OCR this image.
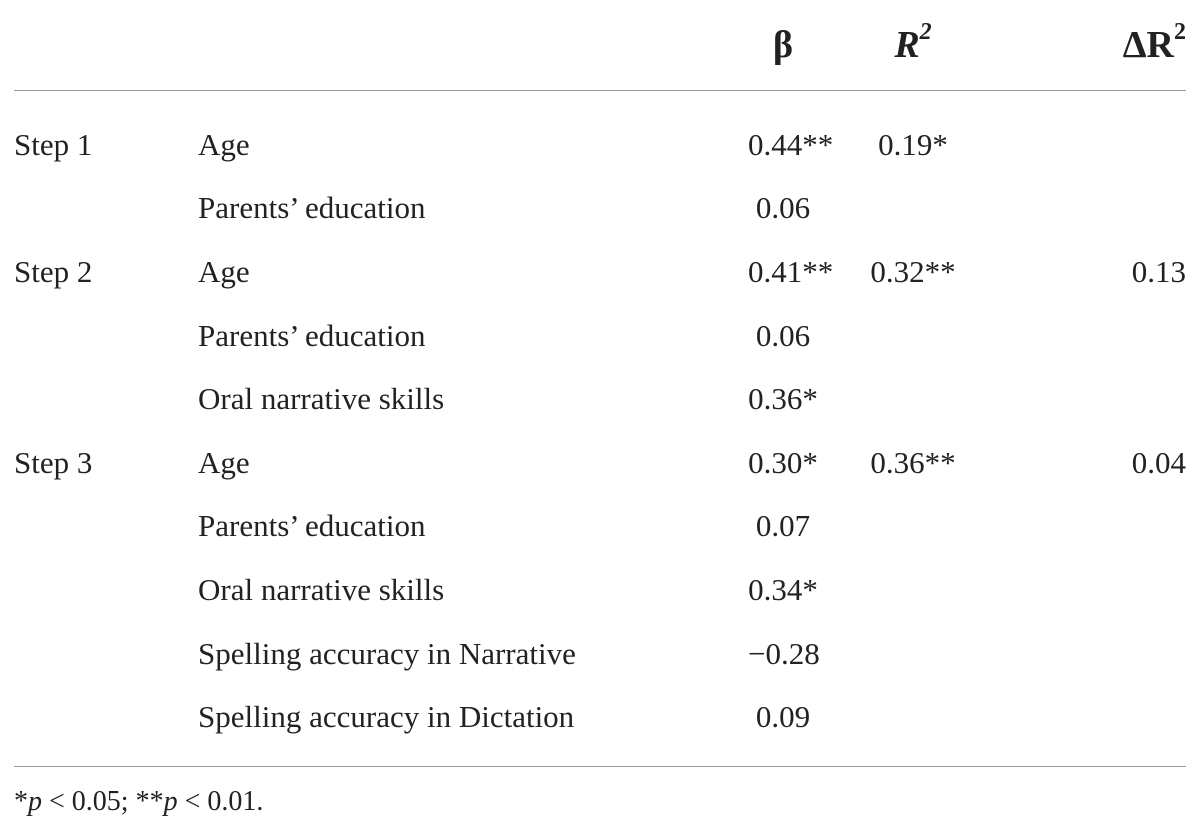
		β	$R^2$	$\Delta R^2$
Step 1	Age	0.44**	0.19*	
	Parents’ education	0.06		
Step 2	Age	0.41**	0.32**	0.13
	Parents’ education	0.06		
	Oral narrative skills	0.36*		
Step 3	Age	0.30*	0.36**	0.04
	Parents’ education	0.07		
	Oral narrative skills	0.34*		
	Spelling accuracy in Narrative	−0.28		
	Spelling accuracy in Dictation	0.09		
*p < 0.05; **p < 0.01.
